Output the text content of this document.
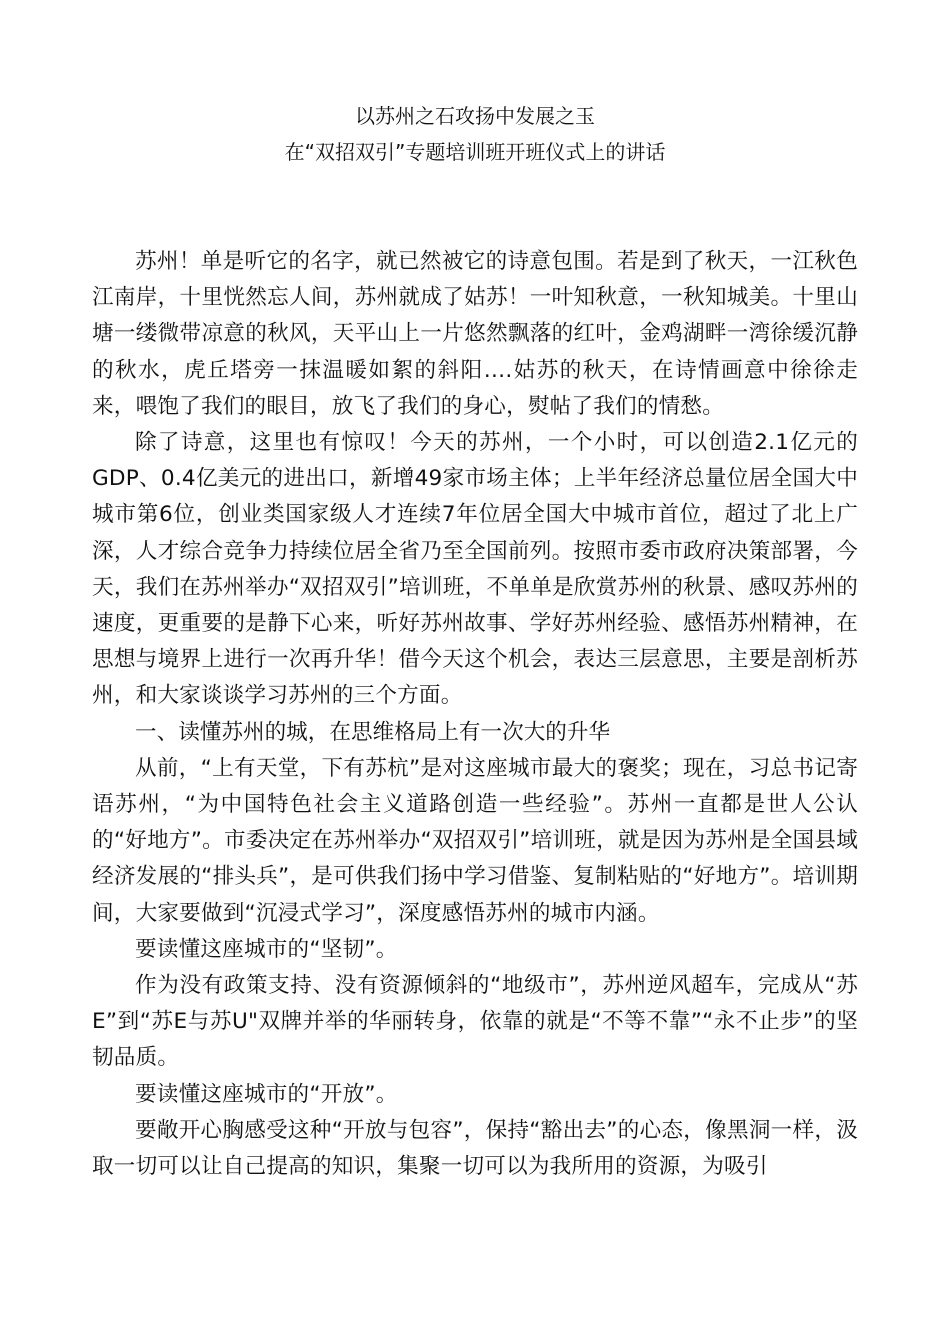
以苏州之石攻扬中发展之玉
在“双招双引”专题培训班开班仪式上的讲话

苏州！单是听它的名字，就已然被它的诗意包围。若是到了秋天，一江秋色江南岸，十里恍然忘人间，苏州就成了姑苏！一叶知秋意，一秋知城美。十里山塘一缕微带凉意的秋风，天平山上一片悠然飘落的红叶，金鸡湖畔一湾徐缓沉静的秋水，虎丘塔旁一抹温暖如絮的斜阳….姑苏的秋天，在诗情画意中徐徐走来，喂饱了我们的眼目，放飞了我们的身心，熨帖了我们的情愁。

除了诗意，这里也有惊叹！今天的苏州，一个小时，可以创造2.1亿元的GDP、0.4亿美元的进出口，新增49家市场主体；上半年经济总量位居全国大中城市第6位，创业类国家级人才连续7年位居全国大中城市首位，超过了北上广深，人才综合竞争力持续位居全省乃至全国前列。按照市委市政府决策部署，今天，我们在苏州举办“双招双引”培训班，不单单是欣赏苏州的秋景、感叹苏州的速度，更重要的是静下心来，听好苏州故事、学好苏州经验、感悟苏州精神，在思想与境界上进行一次再升华！借今天这个机会，表达三层意思，主要是剖析苏州，和大家谈谈学习苏州的三个方面。

一、读懂苏州的城，在思维格局上有一次大的升华

从前，“上有天堂，下有苏杭”是对这座城市最大的褒奖；现在，习总书记寄语苏州，“为中国特色社会主义道路创造一些经验”。苏州一直都是世人公认的“好地方”。市委决定在苏州举办“双招双引”培训班，就是因为苏州是全国县域经济发展的“排头兵”，是可供我们扬中学习借鉴、复制粘贴的“好地方”。培训期间，大家要做到“沉浸式学习”，深度感悟苏州的城市内涵。

要读懂这座城市的“坚韧”。

作为没有政策支持、没有资源倾斜的“地级市”，苏州逆风超车，完成从“苏E”到“苏E与苏U"双牌并举的华丽转身，依靠的就是“不等不靠”“永不止步”的坚韧品质。

要读懂这座城市的“开放”。

要敞开心胸感受这种“开放与包容”，保持“豁出去”的心态，像黑洞一样，汲取一切可以让自己提高的知识，集聚一切可以为我所用的资源，为吸引
